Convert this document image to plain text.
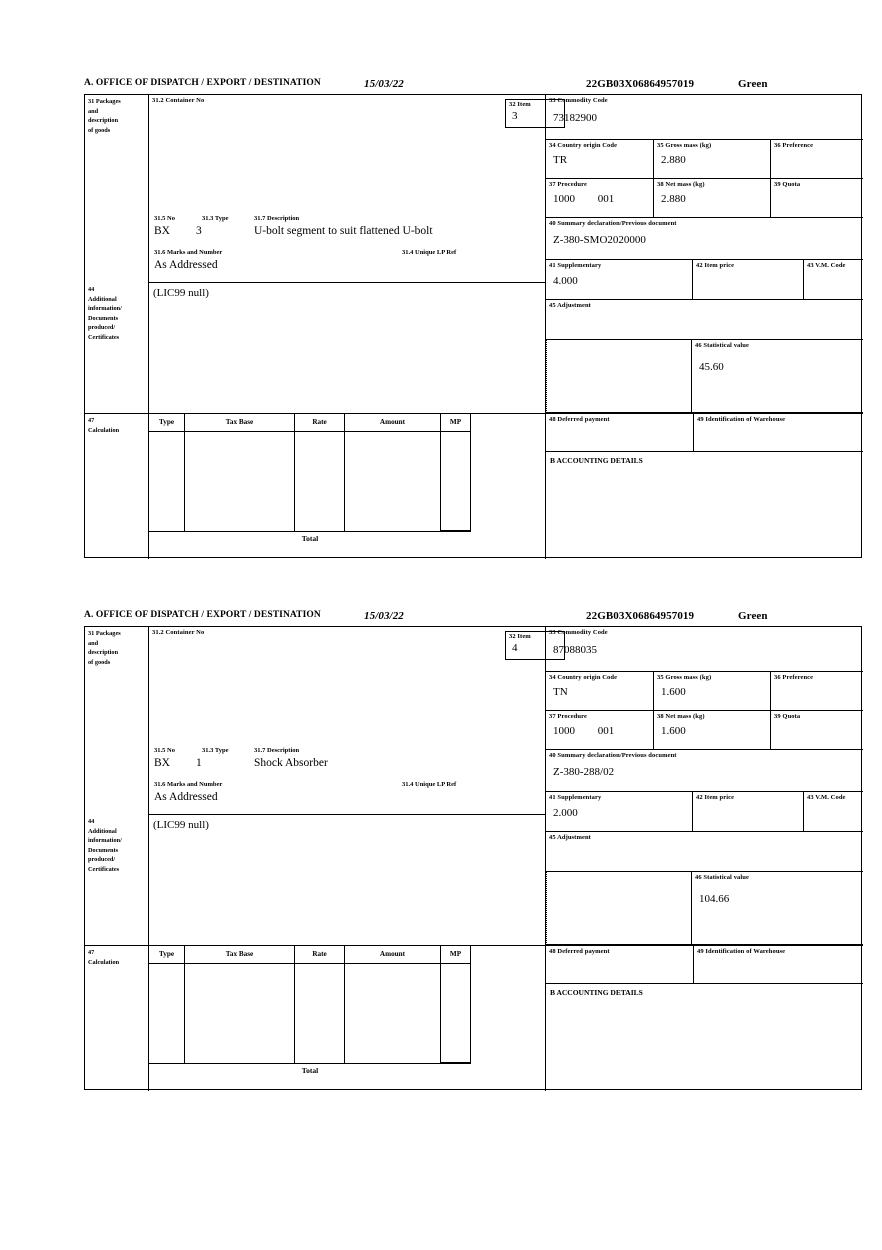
A. OFFICE OF DISPATCH / EXPORT / DESTINATION	15/03/22	22GB03X06864957019	Green
31 Packages
and
description
of goods
31.2 Container No
31.5 No	31.3 Type	31.7 Description
BX 3	U-bolt segment to suit flattened U-bolt
31.6 Marks and Number	31.4 Unique LP Ref
As Addressed
32 Item
3
33 Commodity Code
73182900
34 Country origin Code
TR
35 Gross mass (kg)
2.880
36 Preference
37 Procedure
1000 001
38 Net mass (kg)
2.880
39 Quota
40 Summary declaration/Previous document
Z-380-SMO2020000
41 Supplementary
4.000
42 Item price	43 V.M. Code
44
Additional
information/
Documents
produced/
Certificates
(LIC99 null)
45 Adjustment
46 Statistical value
45.60
47
Calculation
Type	Tax Base	Rate	Amount	MP
Total
48 Deferred payment	49 Identification of Warehouse
B ACCOUNTING DETAILS
A. OFFICE OF DISPATCH / EXPORT / DESTINATION	15/03/22	22GB03X06864957019	Green
31 Packages
and
description
of goods
31.2 Container No
31.5 No	31.3 Type	31.7 Description
BX 1	Shock Absorber
31.6 Marks and Number	31.4 Unique LP Ref
As Addressed
32 Item
4
33 Commodity Code
87088035
34 Country origin Code
TN
35 Gross mass (kg)
1.600
36 Preference
37 Procedure
1000 001
38 Net mass (kg)
1.600
39 Quota
40 Summary declaration/Previous document
Z-380-288/02
41 Supplementary
2.000
42 Item price	43 V.M. Code
44
Additional
information/
Documents
produced/
Certificates
(LIC99 null)
45 Adjustment
46 Statistical value
104.66
47
Calculation
Type	Tax Base	Rate	Amount	MP
Total
48 Deferred payment	49 Identification of Warehouse
B ACCOUNTING DETAILS
